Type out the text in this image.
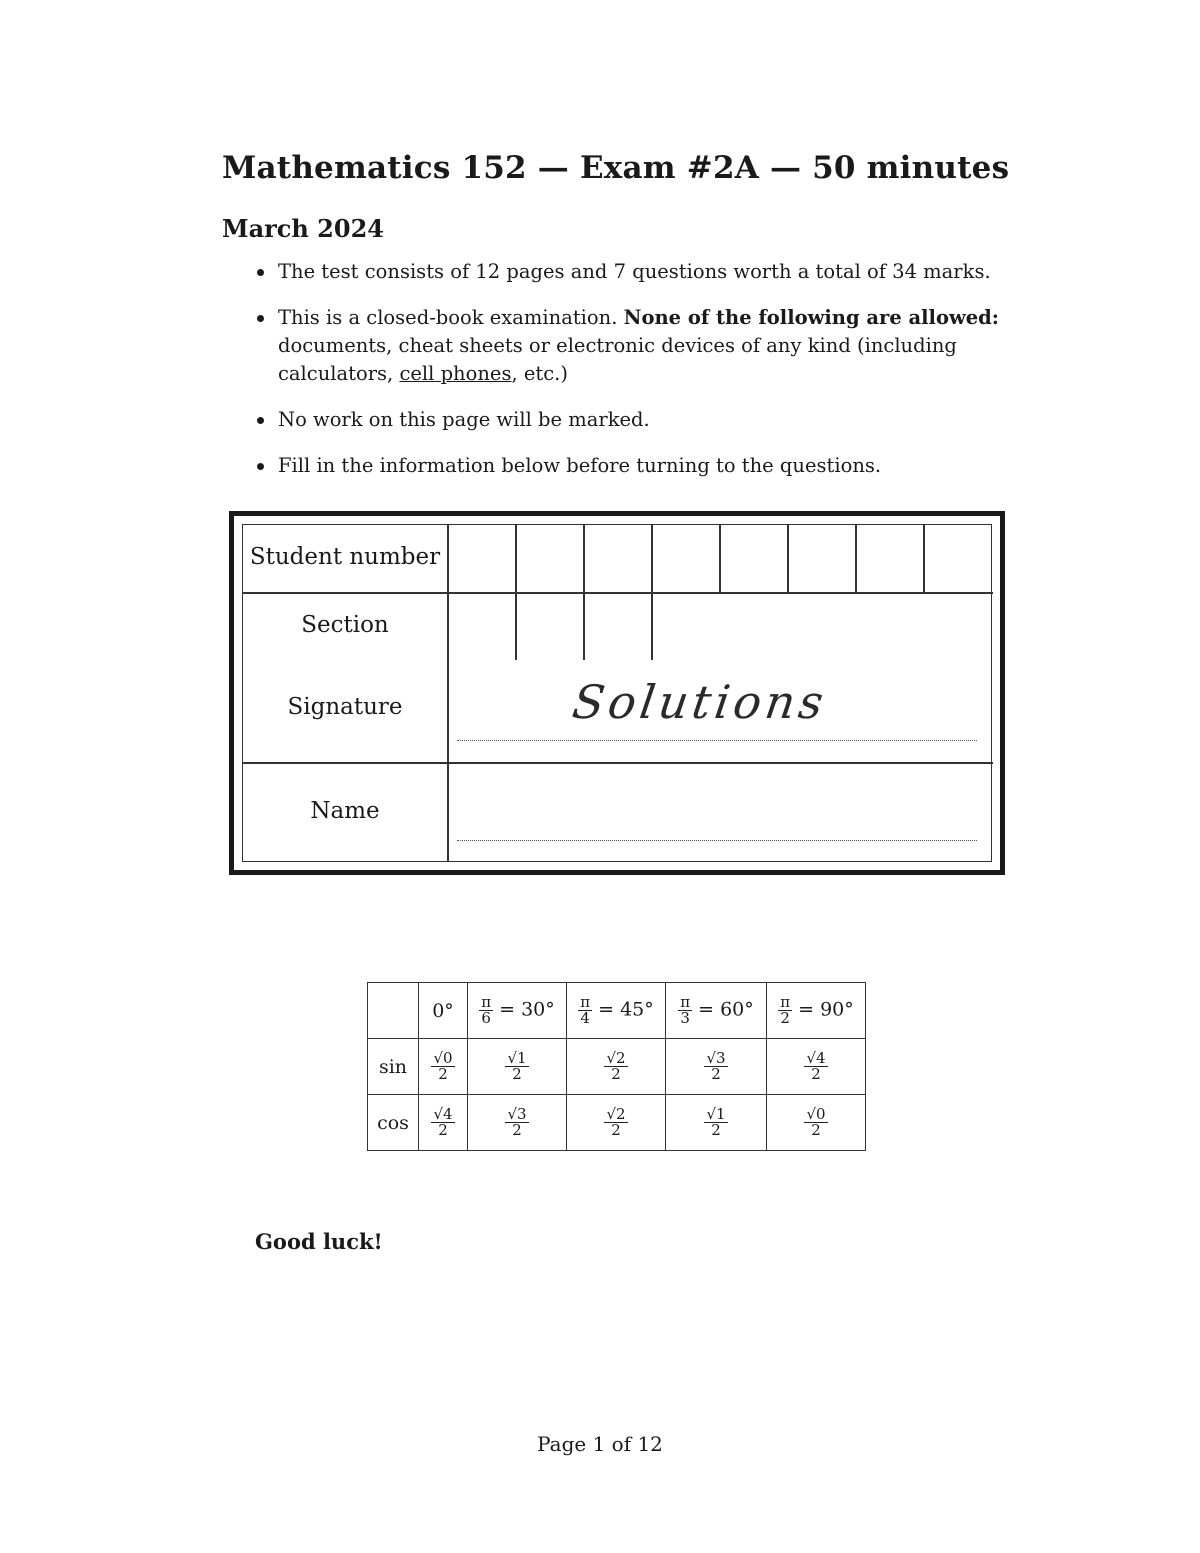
Mathematics 152 — Exam #2A — 50 minutes
March 2024
The test consists of 12 pages and 7 questions worth a total of 34 marks.
This is a closed-book examination. None of the following are allowed: documents, cheat sheets or electronic devices of any kind (including calculators, cell phones, etc.)
No work on this page will be marked.
Fill in the information below before turning to the questions.
Student number
Section
Signature	Solutions
Name
	0°	$\frac{\pi}{6} = 30^\circ$	$\frac{\pi}{4} = 45^\circ$	$\frac{\pi}{3} = 60^\circ$	$\frac{\pi}{2} = 90^\circ$
sin	$\frac{√0}{2}$	$\frac{√1}{2}$	$\frac{√2}{2}$	$\frac{√3}{2}$	$\frac{√4}{2}$

cos	$\frac{√4}{2}$	$\frac{√3}{2}$	$\frac{√2}{2}$	$\frac{√1}{2}$	$\frac{√0}{2}$
Good luck!
Page 1 of 12
